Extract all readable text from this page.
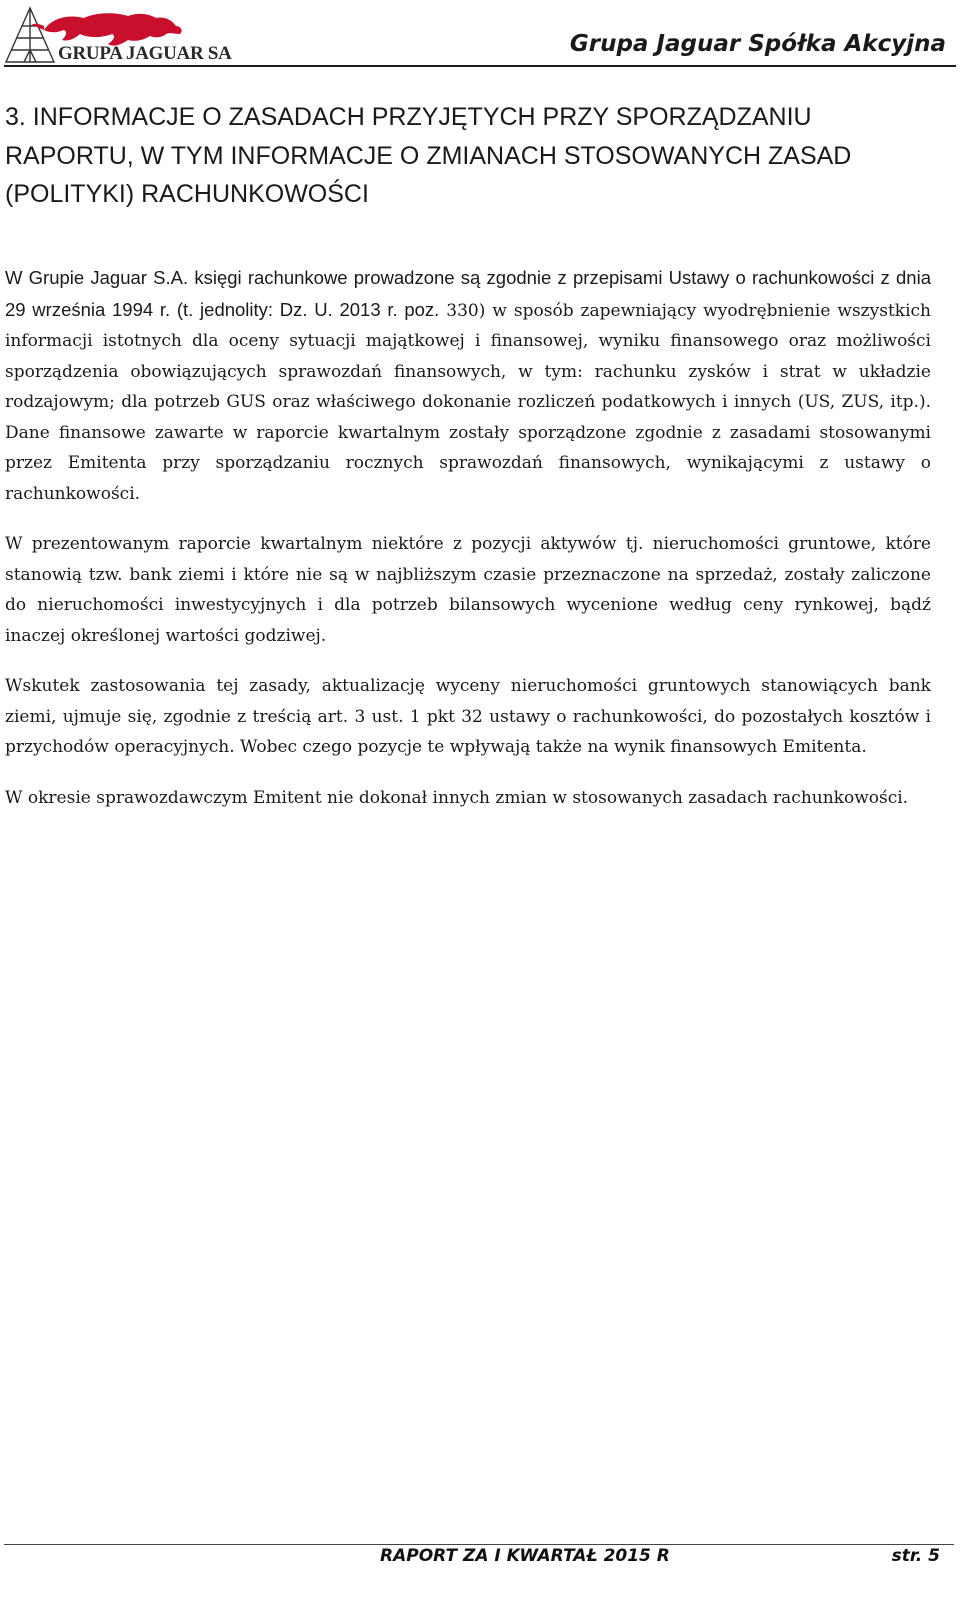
GRUPA JAGUAR SA	Grupa Jaguar Spółka Akcyjna
3. INFORMACJE O ZASADACH PRZYJĘTYCH PRZY SPORZĄDZANIU
RAPORTU, W TYM INFORMACJE O ZMIANACH STOSOWANYCH ZASAD
(POLITYKI) RACHUNKOWOŚCI

W Grupie Jaguar S.A. księgi rachunkowe prowadzone są zgodnie z przepisami Ustawy o rachunkowości z dnia 29 września 1994 r. (t. jednolity: Dz. U. 2013 r. poz. 330) w sposób zapewniający wyodrębnienie wszystkich informacji istotnych dla oceny sytuacji majątkowej i finansowej, wyniku finansowego oraz możliwości sporządzenia obowiązujących sprawozdań finansowych, w tym: rachunku zysków i strat w układzie rodzajowym; dla potrzeb GUS oraz właściwego dokonanie rozliczeń podatkowych i innych (US, ZUS, itp.). Dane finansowe zawarte w raporcie kwartalnym zostały sporządzone zgodnie z zasadami stosowanymi przez Emitenta przy sporządzaniu rocznych sprawozdań finansowych, wynikającymi z ustawy o rachunkowości.

W prezentowanym raporcie kwartalnym niektóre z pozycji aktywów tj. nieruchomości gruntowe, które stanowią tzw. bank ziemi i które nie są w najbliższym czasie przeznaczone na sprzedaż, zostały zaliczone do nieruchomości inwestycyjnych i dla potrzeb bilansowych wycenione według ceny rynkowej, bądź inaczej określonej wartości godziwej.

Wskutek zastosowania tej zasady, aktualizację wyceny nieruchomości gruntowych stanowiących bank ziemi, ujmuje się, zgodnie z treścią art. 3 ust. 1 pkt 32 ustawy o rachunkowości, do pozostałych kosztów i przychodów operacyjnych. Wobec czego pozycje te wpływają także na wynik finansowych Emitenta.

W okresie sprawozdawczym Emitent nie dokonał innych zmian w stosowanych zasadach rachunkowości.

RAPORT ZA I KWARTAŁ 2015 R	str. 5
